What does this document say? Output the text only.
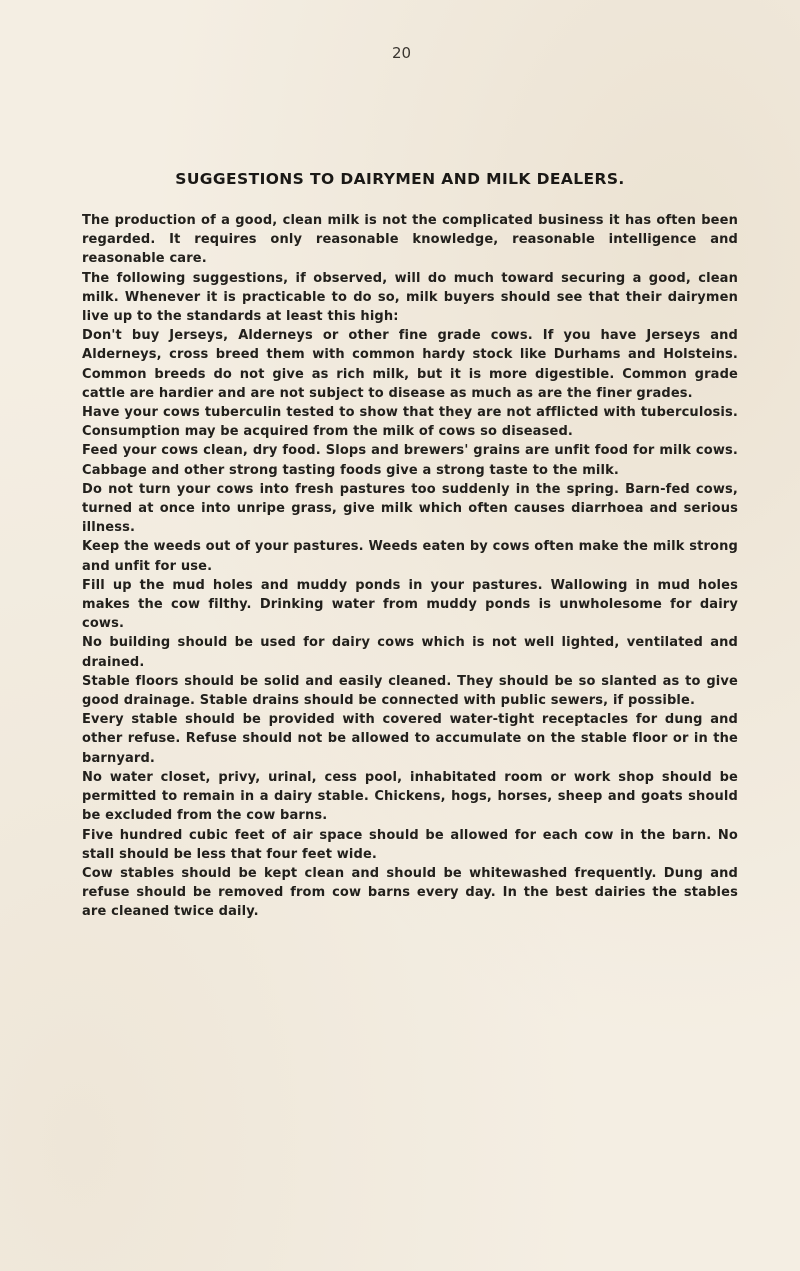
20
SUGGESTIONS TO DAIRYMEN AND MILK DEALERS.

The production of a good, clean milk is not the complicated business it has often been regarded. It requires only reasonable knowledge, reasonable intelligence and reasonable care.

The following suggestions, if observed, will do much toward securing a good, clean milk. Whenever it is practicable to do so, milk buyers should see that their dairymen live up to the standards at least this high:

Don't buy Jerseys, Alderneys or other fine grade cows. If you have Jerseys and Alderneys, cross breed them with common hardy stock like Durhams and Holsteins. Common breeds do not give as rich milk, but it is more digestible. Common grade cattle are hardier and are not subject to disease as much as are the finer grades.

Have your cows tuberculin tested to show that they are not afflicted with tuberculosis. Consumption may be acquired from the milk of cows so diseased.

Feed your cows clean, dry food. Slops and brewers' grains are unfit food for milk cows. Cabbage and other strong tasting foods give a strong taste to the milk.

Do not turn your cows into fresh pastures too suddenly in the spring. Barn-fed cows, turned at once into unripe grass, give milk which often causes diarrhoea and serious illness.

Keep the weeds out of your pastures. Weeds eaten by cows often make the milk strong and unfit for use.

Fill up the mud holes and muddy ponds in your pastures. Wallowing in mud holes makes the cow filthy. Drinking water from muddy ponds is unwholesome for dairy cows.

No building should be used for dairy cows which is not well lighted, ventilated and drained.

Stable floors should be solid and easily cleaned. They should be so slanted as to give good drainage. Stable drains should be connected with public sewers, if possible.

Every stable should be provided with covered water-tight receptacles for dung and other refuse. Refuse should not be allowed to accumulate on the stable floor or in the barnyard.

No water closet, privy, urinal, cess pool, inhabitated room or work shop should be permitted to remain in a dairy stable. Chickens, hogs, horses, sheep and goats should be excluded from the cow barns.

Five hundred cubic feet of air space should be allowed for each cow in the barn. No stall should be less that four feet wide.

Cow stables should be kept clean and should be whitewashed frequently. Dung and refuse should be removed from cow barns every day. In the best dairies the stables are cleaned twice daily.
